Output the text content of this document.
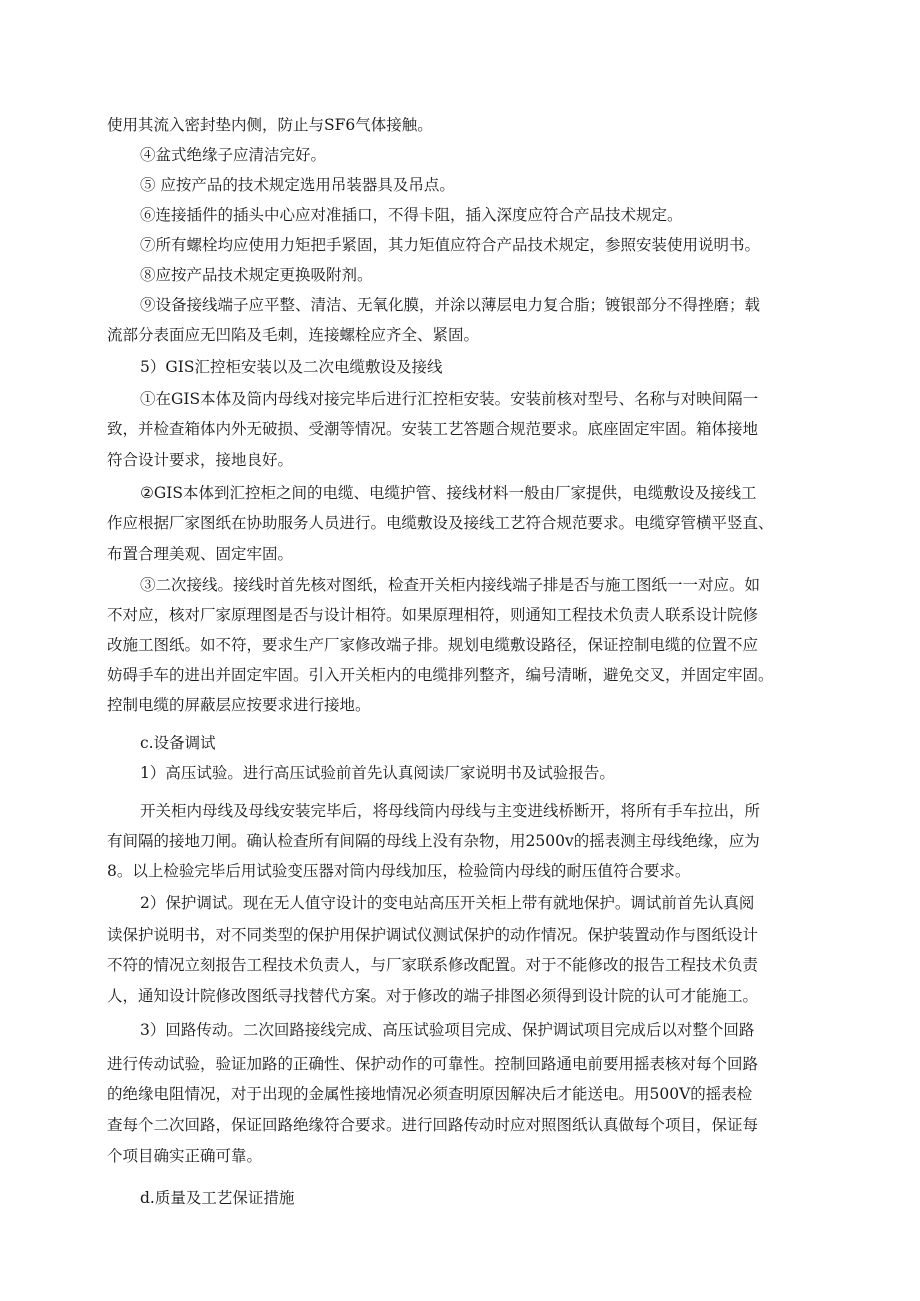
使用其流入密封垫内侧，防止与SF6气体接触。

④盆式绝缘子应清洁完好。

⑤ 应按产品的技术规定选用吊装器具及吊点。

⑥连接插件的插头中心应对准插口，不得卡阻，插入深度应符合产品技术规定。

⑦所有螺栓均应使用力矩把手紧固，其力矩值应符合产品技术规定，参照安装使用说明书。

⑧应按产品技术规定更换吸附剂。

⑨设备接线端子应平整、清洁、无氧化膜，并涂以薄层电力复合脂；镀银部分不得挫磨；载

流部分表面应无凹陷及毛刺，连接螺栓应齐全、紧固。

5）GIS汇控柜安装以及二次电缆敷设及接线

①在GIS本体及筒内母线对接完毕后进行汇控柜安装。安装前核对型号、名称与对映间隔一

致，并检查箱体内外无破损、受潮等情况。安装工艺答题合规范要求。底座固定牢固。箱体接地

符合设计要求，接地良好。

②GIS本体到汇控柜之间的电缆、电缆护管、接线材料一般由厂家提供，电缆敷设及接线工

作应根据厂家图纸在协助服务人员进行。电缆敷设及接线工艺符合规范要求。电缆穿管横平竖直、

布置合理美观、固定牢固。

③二次接线。接线时首先核对图纸，检查开关柜内接线端子排是否与施工图纸一一对应。如

不对应，核对厂家原理图是否与设计相符。如果原理相符，则通知工程技术负责人联系设计院修

改施工图纸。如不符，要求生产厂家修改端子排。规划电缆敷设路径，保证控制电缆的位置不应

妨碍手车的进出并固定牢固。引入开关柜内的电缆排列整齐，编号清晰，避免交叉，并固定牢固。

控制电缆的屏蔽层应按要求进行接地。

c.设备调试

1）高压试验。进行高压试验前首先认真阅读厂家说明书及试验报告。

开关柜内母线及母线安装完毕后，将母线筒内母线与主变进线桥断开，将所有手车拉出，所

有间隔的接地刀闸。确认检查所有间隔的母线上没有杂物，用2500v的摇表测主母线绝缘，应为

8。以上检验完毕后用试验变压器对筒内母线加压，检验筒内母线的耐压值符合要求。

2）保护调试。现在无人值守设计的变电站高压开关柜上带有就地保护。调试前首先认真阅

读保护说明书，对不同类型的保护用保护调试仪测试保护的动作情况。保护装置动作与图纸设计

不符的情况立刻报告工程技术负责人，与厂家联系修改配置。对于不能修改的报告工程技术负责

人，通知设计院修改图纸寻找替代方案。对于修改的端子排图必须得到设计院的认可才能施工。

3）回路传动。二次回路接线完成、高压试验项目完成、保护调试项目完成后以对整个回路

进行传动试验，验证加路的正确性、保护动作的可靠性。控制回路通电前要用摇表核对每个回路

的绝缘电阻情况，对于出现的金属性接地情况必须查明原因解决后才能送电。用500V的摇表检

查每个二次回路，保证回路绝缘符合要求。进行回路传动时应对照图纸认真做每个项目，保证每

个项目确实正确可靠。

d.质量及工艺保证措施
